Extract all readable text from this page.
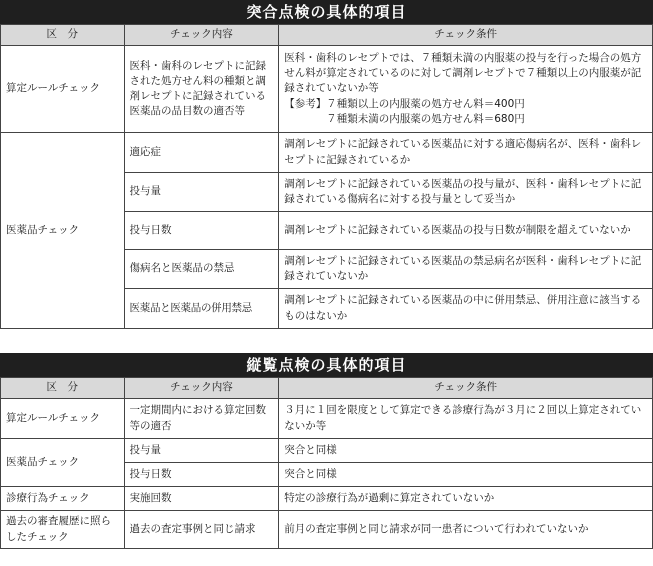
突合点検の具体的項目
区　分	チェック内容	チェック条件
算定ルールチェック	医科・歯科のレセプトに記録された処方せん料の種類と調剤レセプトに記録されている医薬品の品目数の適否等	医科・歯科のレセプトでは、７種類未満の内服薬の投与を行った場合の処方せん料が算定されているのに対して調剤レセプトで７種類以上の内服薬が記録されていないか等
【参考】７種類以上の内服薬の処方せん料＝400円
　　　　７種類未満の内服薬の処方せん料＝680円
医薬品チェック	適応症	調剤レセプトに記録されている医薬品に対する適応傷病名が、医科・歯科レセプトに記録されているか
	投与量	調剤レセプトに記録されている医薬品の投与量が、医科・歯科レセプトに記録されている傷病名に対する投与量として妥当か
	投与日数	調剤レセプトに記録されている医薬品の投与日数が制限を超えていないか
	傷病名と医薬品の禁忌	調剤レセプトに記録されている医薬品の禁忌病名が医科・歯科レセプトに記録されていないか
	医薬品と医薬品の併用禁忌	調剤レセプトに記録されている医薬品の中に併用禁忌、併用注意に該当するものはないか
縦覧点検の具体的項目
区　分	チェック内容	チェック条件
算定ルールチェック	一定期間内における算定回数等の適否	３月に１回を限度として算定できる診療行為が３月に２回以上算定されていないか等
医薬品チェック	投与量	突合と同様
	投与日数	突合と同様
診療行為チェック	実施回数	特定の診療行為が過剰に算定されていないか
過去の審査履歴に照らしたチェック	過去の査定事例と同じ請求	前月の査定事例と同じ請求が同一患者について行われていないか
